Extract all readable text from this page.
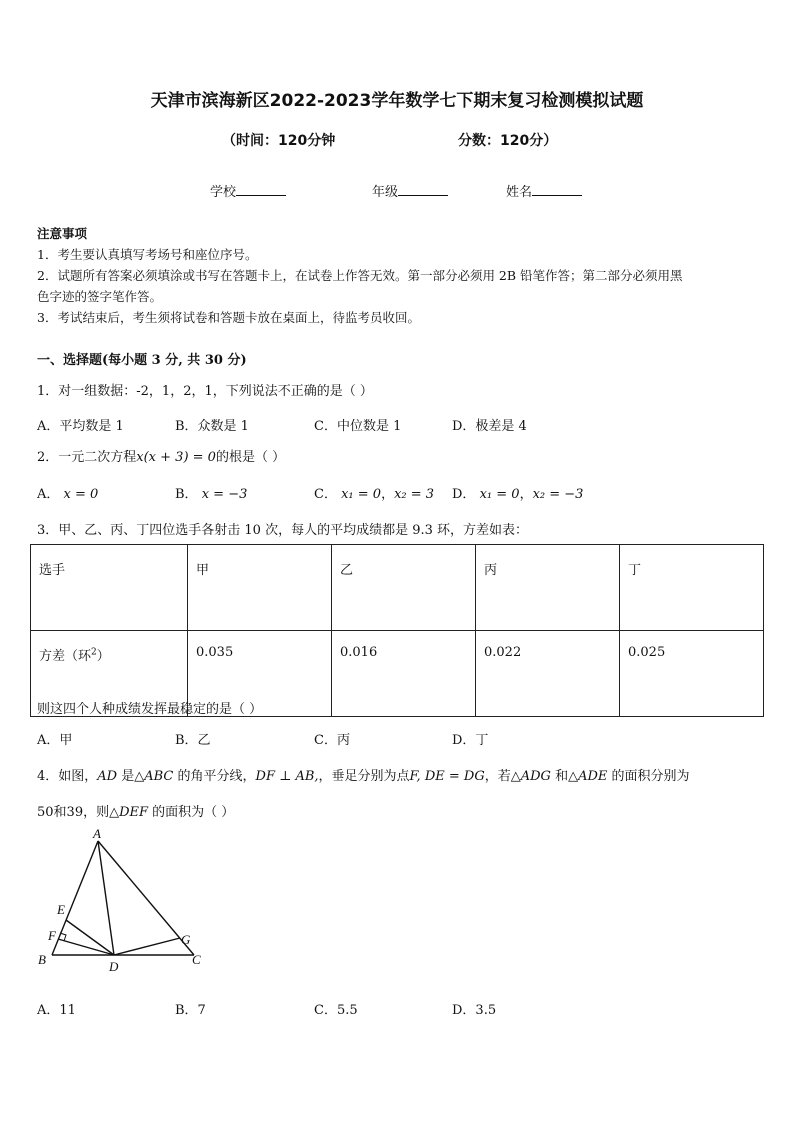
天津市滨海新区2022-2023学年数学七下期末复习检测模拟试题
（时间：120分钟	分数：120分）
学校	年级	姓名
注意事项
1．考生要认真填写考场号和座位序号。
2．试题所有答案必须填涂或书写在答题卡上，在试卷上作答无效。第一部分必须用 2B 铅笔作答；第二部分必须用黑
色字迹的签字笔作答。
3．考试结束后，考生须将试卷和答题卡放在桌面上，待监考员收回。
一、选择题(每小题 3 分, 共 30 分)
1．对一组数据：-2，1，2，1，下列说法不正确的是（ ）
A．平均数是 1	B．众数是 1	C．中位数是 1	D．极差是 4
2．一元二次方程x(x + 3) = 0的根是（ ）
A． x = 0	B． x = −3	C． x₁ = 0，x₂ = 3 D． x₁ = 0，x₂ = −3
3．甲、乙、丙、丁四位选手各射击 10 次，每人的平均成绩都是 9.3 环，方差如表：
选手	甲	乙	丙	丁
方差（环$^2$）	0.035	0.016	0.022	0.025
则这四个人种成绩发挥最稳定的是（ ）
A．甲	B．乙	C．丙	D．丁
4．如图，AD 是△ABC 的角平分线，DF ⊥ AB,，垂足分别为点F, DE = DG，若△ADG 和△ADE 的面积分别为
50和39，则△DEF 的面积为（ ）
A
E
F
B	D
G
C
A．11	B．7	C．5.5	D．3.5
